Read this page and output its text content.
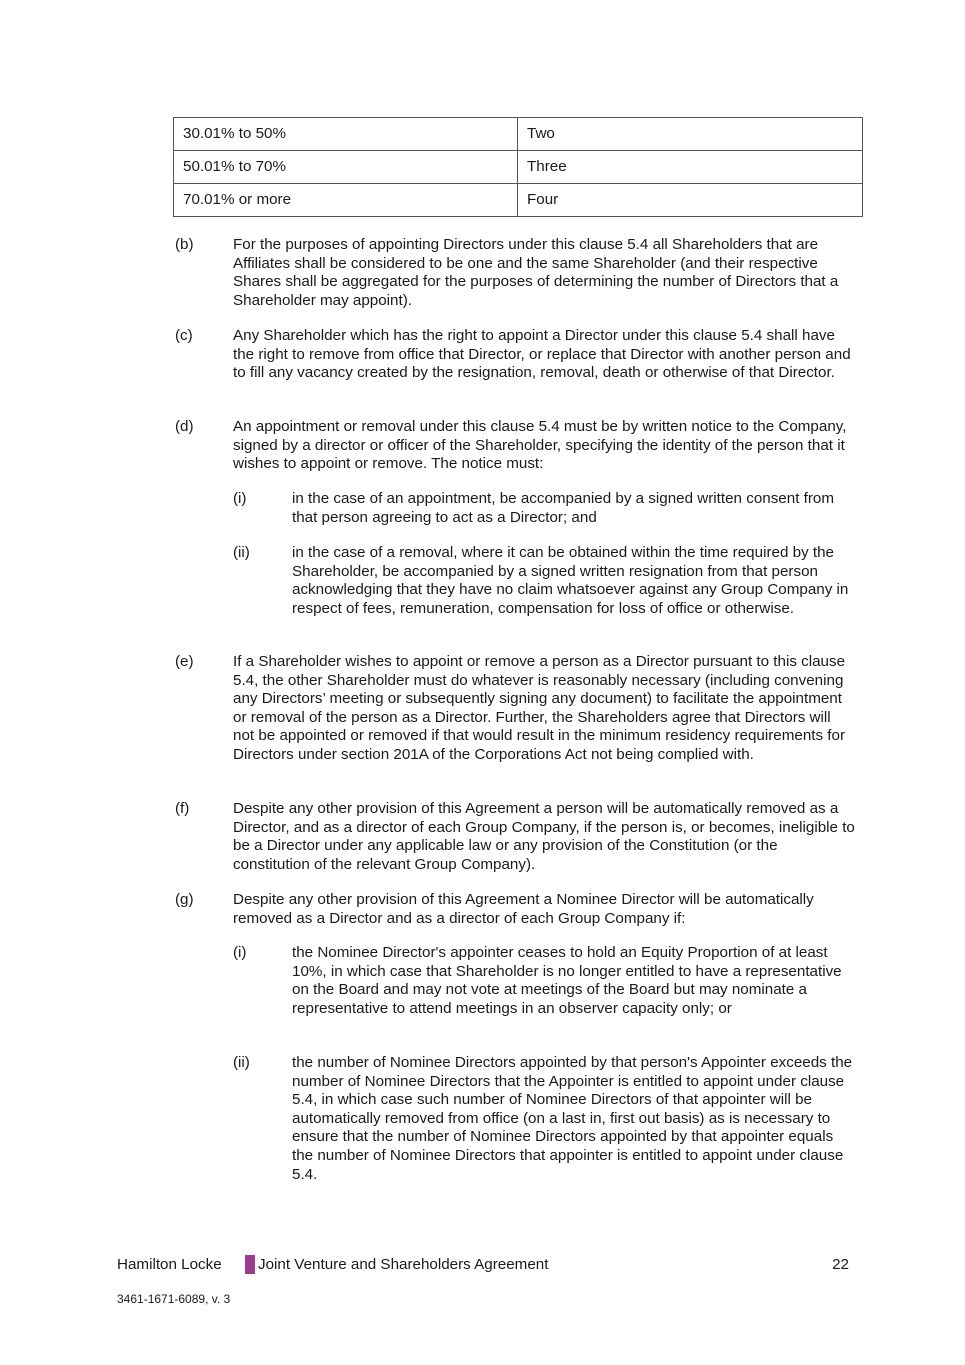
30.01% to 50%	Two
50.01% to 70%	Three
70.01% or more	Four
(b)	For the purposes of appointing Directors under this clause 5.4 all Shareholders that are Affiliates shall be considered to be one and the same Shareholder (and their respective Shares shall be aggregated for the purposes of determining the number of Directors that a Shareholder may appoint).
(c)	Any Shareholder which has the right to appoint a Director under this clause 5.4 shall have the right to remove from office that Director, or replace that Director with another person and to fill any vacancy created by the resignation, removal, death or otherwise of that Director.
(d)	An appointment or removal under this clause 5.4 must be by written notice to the Company, signed by a director or officer of the Shareholder, specifying the identity of the person that it wishes to appoint or remove. The notice must:
(i)	in the case of an appointment, be accompanied by a signed written consent from that person agreeing to act as a Director; and
(ii)	in the case of a removal, where it can be obtained within the time required by the Shareholder, be accompanied by a signed written resignation from that person acknowledging that they have no claim whatsoever against any Group Company in respect of fees, remuneration, compensation for loss of office or otherwise.
(e)	If a Shareholder wishes to appoint or remove a person as a Director pursuant to this clause 5.4, the other Shareholder must do whatever is reasonably necessary (including convening any Directors’ meeting or subsequently signing any document) to facilitate the appointment or removal of the person as a Director. Further, the Shareholders agree that Directors will not be appointed or removed if that would result in the minimum residency requirements for Directors under section 201A of the Corporations Act not being complied with.
(f)	Despite any other provision of this Agreement a person will be automatically removed as a Director, and as a director of each Group Company, if the person is, or becomes, ineligible to be a Director under any applicable law or any provision of the Constitution (or the constitution of the relevant Group Company).
(g)	Despite any other provision of this Agreement a Nominee Director will be automatically removed as a Director and as a director of each Group Company if:
(i)	the Nominee Director's appointer ceases to hold an Equity Proportion of at least 10%, in which case that Shareholder is no longer entitled to have a representative on the Board and may not vote at meetings of the Board but may nominate a representative to attend meetings in an observer capacity only; or
(ii)	the number of Nominee Directors appointed by that person's Appointer exceeds the number of Nominee Directors that the Appointer is entitled to appoint under clause 5.4, in which case such number of Nominee Directors of that appointer will be automatically removed from office (on a last in, first out basis) as is necessary to ensure that the number of Nominee Directors appointed by that appointer equals the number of Nominee Directors that appointer is entitled to appoint under clause 5.4.
Hamilton Locke Joint Venture and Shareholders Agreement	22
3461-1671-6089, v. 3
